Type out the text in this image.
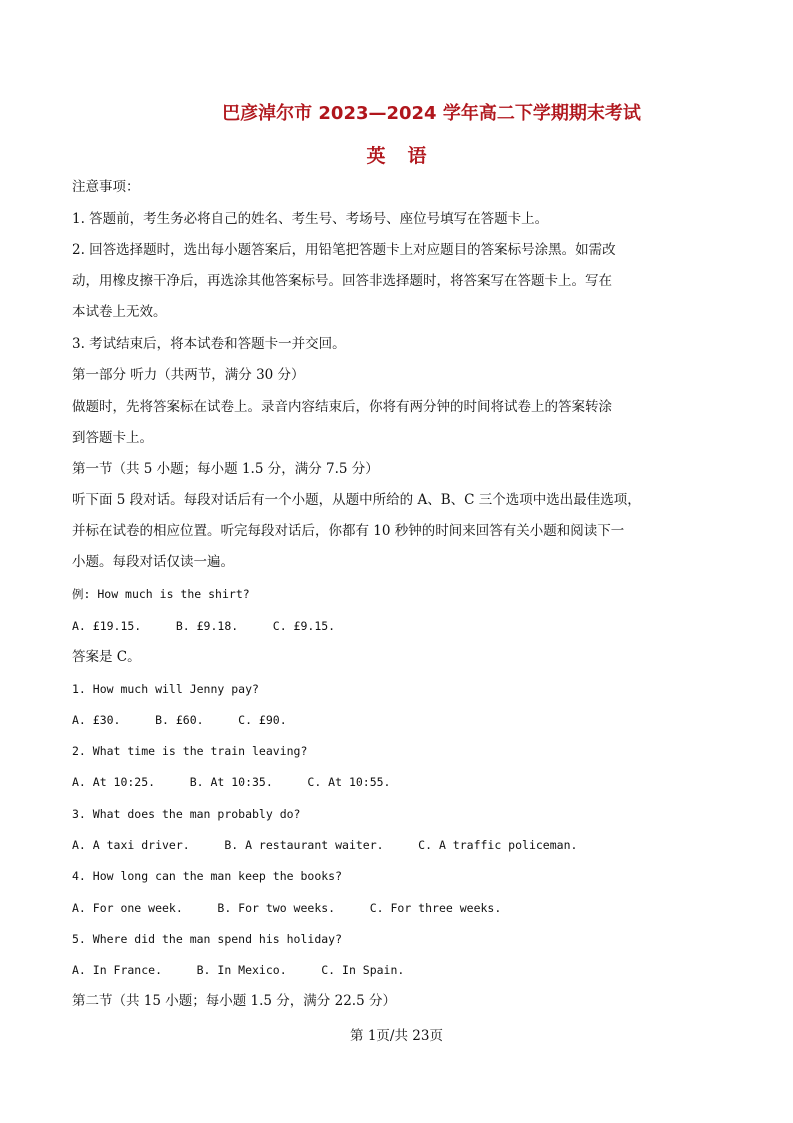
巴彦淖尔市 2023—2024 学年高二下学期期末考试
英语
注意事项：
1. 答题前，考生务必将自己的姓名、考生号、考场号、座位号填写在答题卡上。
2. 回答选择题时，选出每小题答案后，用铅笔把答题卡上对应题目的答案标号涂黑。如需改
动，用橡皮擦干净后，再选涂其他答案标号。回答非选择题时，将答案写在答题卡上。写在
本试卷上无效。
3. 考试结束后，将本试卷和答题卡一并交回。
第一部分 听力（共两节，满分 30 分）
做题时，先将答案标在试卷上。录音内容结束后，你将有两分钟的时间将试卷上的答案转涂
到答题卡上。
第一节（共 5 小题；每小题 1.5 分，满分 7.5 分）
听下面 5 段对话。每段对话后有一个小题，从题中所给的 A、B、C 三个选项中选出最佳选项，
并标在试卷的相应位置。听完每段对话后，你都有 10 秒钟的时间来回答有关小题和阅读下一
小题。每段对话仅读一遍。
例: How much is the shirt?
A. £19.15.     B. £9.18.     C. £9.15.
答案是 C。
1. How much will Jenny pay?
A. £30.     B. £60.     C. £90.
2. What time is the train leaving?
A. At 10:25.     B. At 10:35.     C. At 10:55.
3. What does the man probably do?
A. A taxi driver.     B. A restaurant waiter.     C. A traffic policeman.
4. How long can the man keep the books?
A. For one week.     B. For two weeks.     C. For three weeks.
5. Where did the man spend his holiday?
A. In France.     B. In Mexico.     C. In Spain.
第二节（共 15 小题；每小题 1.5 分，满分 22.5 分）
第 1页/共 23页
